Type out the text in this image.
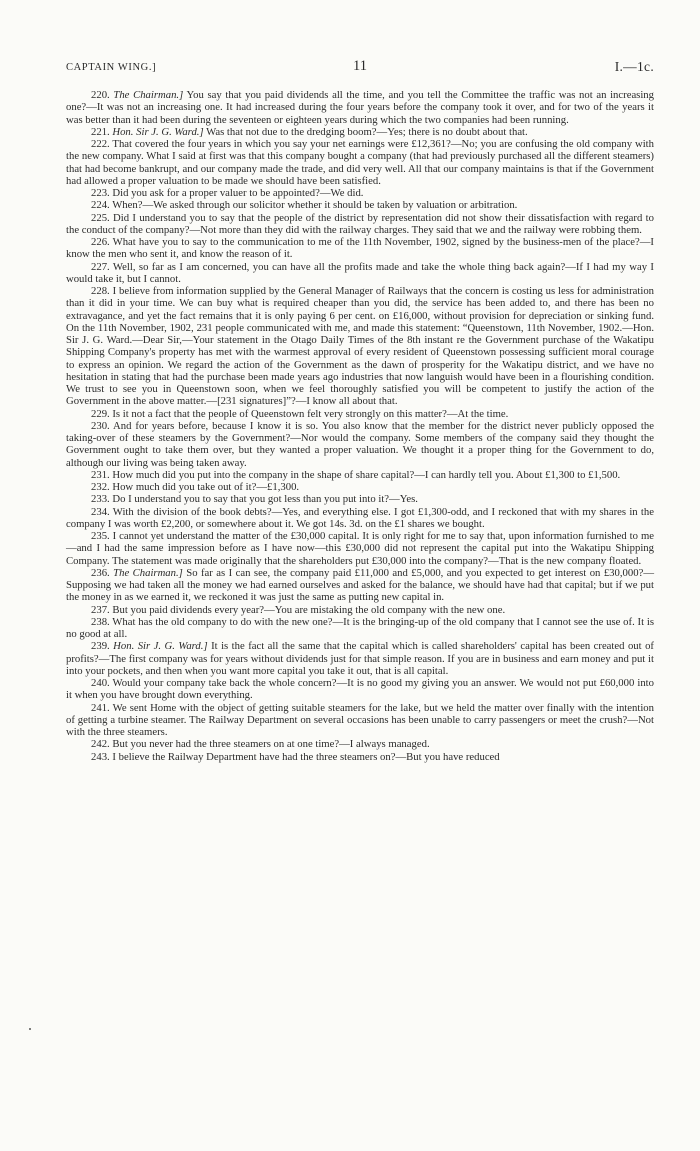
CAPTAIN WING.]	11	I.—1c.

220. The Chairman.] You say that you paid dividends all the time, and you tell the Committee the traffic was not an increasing one?—It was not an increasing one. It had increased during the four years before the company took it over, and for two of the years it was better than it had been during the seventeen or eighteen years during which the two companies had been running.

221. Hon. Sir J. G. Ward.] Was that not due to the dredging boom?—Yes; there is no doubt about that.

222. That covered the four years in which you say your net earnings were £12,361?—No; you are confusing the old company with the new company. What I said at first was that this company bought a company (that had previously purchased all the different steamers) that had become bankrupt, and our company made the trade, and did very well. All that our company maintains is that if the Government had allowed a proper valuation to be made we should have been satisfied.

223. Did you ask for a proper valuer to be appointed?—We did.

224. When?—We asked through our solicitor whether it should be taken by valuation or arbitration.

225. Did I understand you to say that the people of the district by representation did not show their dissatisfaction with regard to the conduct of the company?—Not more than they did with the railway charges. They said that we and the railway were robbing them.

226. What have you to say to the communication to me of the 11th November, 1902, signed by the business-men of the place?—I know the men who sent it, and know the reason of it.

227. Well, so far as I am concerned, you can have all the profits made and take the whole thing back again?—If I had my way I would take it, but I cannot.

228. I believe from information supplied by the General Manager of Railways that the concern is costing us less for administration than it did in your time. We can buy what is required cheaper than you did, the service has been added to, and there has been no extravagance, and yet the fact remains that it is only paying 6 per cent. on £16,000, without provision for depreciation or sinking fund. On the 11th November, 1902, 231 people communicated with me, and made this statement: “Queenstown, 11th November, 1902.—Hon. Sir J. G. Ward.—Dear Sir,—Your statement in the Otago Daily Times of the 8th instant re the Government purchase of the Wakatipu Shipping Company's property has met with the warmest approval of every resident of Queenstown possessing sufficient moral courage to express an opinion. We regard the action of the Government as the dawn of prosperity for the Wakatipu district, and we have no hesitation in stating that had the purchase been made years ago industries that now languish would have been in a flourishing condition. We trust to see you in Queenstown soon, when we feel thoroughly satisfied you will be competent to justify the action of the Government in the above matter.—[231 signatures]”?—I know all about that.

229. Is it not a fact that the people of Queenstown felt very strongly on this matter?—At the time.

230. And for years before, because I know it is so. You also know that the member for the district never publicly opposed the taking-over of these steamers by the Government?—Nor would the company. Some members of the company said they thought the Government ought to take them over, but they wanted a proper valuation. We thought it a proper thing for the Government to do, although our living was being taken away.

231. How much did you put into the company in the shape of share capital?—I can hardly tell you. About £1,300 to £1,500.

232. How much did you take out of it?—£1,300.

233. Do I understand you to say that you got less than you put into it?—Yes.

234. With the division of the book debts?—Yes, and everything else. I got £1,300-odd, and I reckoned that with my shares in the company I was worth £2,200, or somewhere about it. We got 14s. 3d. on the £1 shares we bought.

235. I cannot yet understand the matter of the £30,000 capital. It is only right for me to say that, upon information furnished to me—and I had the same impression before as I have now—this £30,000 did not represent the capital put into the Wakatipu Shipping Company. The statement was made originally that the shareholders put £30,000 into the company?—That is the new company floated.

236. The Chairman.] So far as I can see, the company paid £11,000 and £5,000, and you expected to get interest on £30,000?—Supposing we had taken all the money we had earned ourselves and asked for the balance, we should have had that capital; but if we put the money in as we earned it, we reckoned it was just the same as putting new capital in.

237. But you paid dividends every year?—You are mistaking the old company with the new one.

238. What has the old company to do with the new one?—It is the bringing-up of the old company that I cannot see the use of. It is no good at all.

239. Hon. Sir J. G. Ward.] It is the fact all the same that the capital which is called shareholders' capital has been created out of profits?—The first company was for years without dividends just for that simple reason. If you are in business and earn money and put it into your pockets, and then when you want more capital you take it out, that is all capital.

240. Would your company take back the whole concern?—It is no good my giving you an answer. We would not put £60,000 into it when you have brought down everything.

241. We sent Home with the object of getting suitable steamers for the lake, but we held the matter over finally with the intention of getting a turbine steamer. The Railway Department on several occasions has been unable to carry passengers or meet the crush?—Not with the three steamers.

242. But you never had the three steamers on at one time?—I always managed.

243. I believe the Railway Department have had the three steamers on?—But you have reduced
